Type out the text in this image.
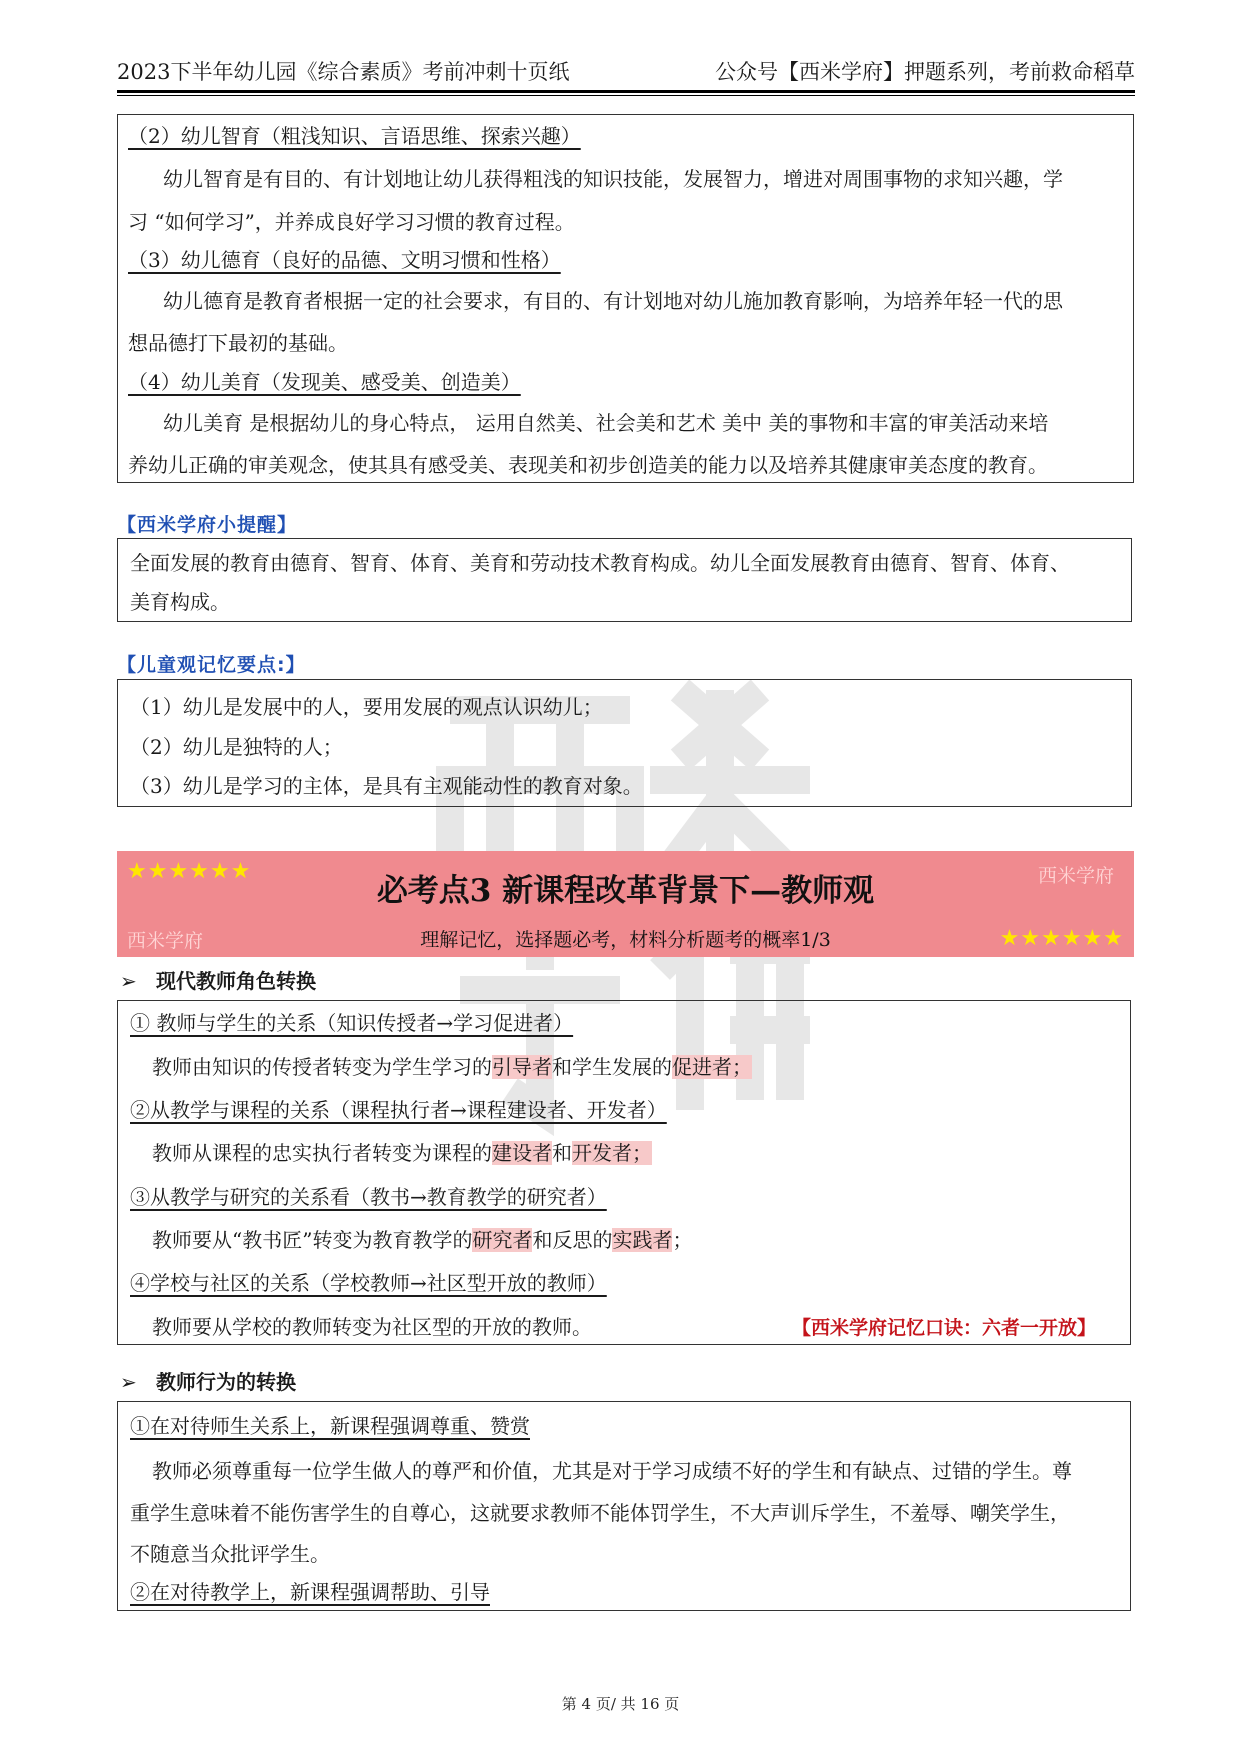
2023下半年幼儿园《综合素质》考前冲刺十页纸	公众号【西米学府】押题系列，考前救命稻草
（2）幼儿智育（粗浅知识、言语思维、探索兴趣）
幼儿智育是有目的、有计划地让幼儿获得粗浅的知识技能，发展智力，增进对周围事物的求知兴趣，学
习 “如何学习”，并养成良好学习习惯的教育过程。
（3）幼儿德育（良好的品德、文明习惯和性格）
幼儿德育是教育者根据一定的社会要求，有目的、有计划地对幼儿施加教育影响，为培养年轻一代的思
想品德打下最初的基础。
（4）幼儿美育（发现美、感受美、创造美）
幼儿美育 是根据幼儿的身心特点， 运用自然美、社会美和艺术 美中 美的事物和丰富的审美活动来培
养幼儿正确的审美观念，使其具有感受美、表现美和初步创造美的能力以及培养其健康审美态度的教育。
【西米学府小提醒】
全面发展的教育由德育、智育、体育、美育和劳动技术教育构成。幼儿全面发展教育由德育、智育、体育、
美育构成。
【儿童观记忆要点:】
（1）幼儿是发展中的人，要用发展的观点认识幼儿；
（2）幼儿是独特的人；
（3）幼儿是学习的主体，是具有主观能动性的教育对象。
★★★★★★	西米学府
必考点3 新课程改革背景下—教师观
西米学府	理解记忆，选择题必考，材料分析题考的概率1/3	★★★★★★
➢ 现代教师角色转换
① 教师与学生的关系（知识传授者→学习促进者）
教师由知识的传授者转变为学生学习的引导者和学生发展的促进者；
②从教学与课程的关系（课程执行者→课程建设者、开发者）
教师从课程的忠实执行者转变为课程的建设者和开发者；
③从教学与研究的关系看（教书→教育教学的研究者）
教师要从“教书匠”转变为教育教学的研究者和反思的实践者；
④学校与社区的关系（学校教师→社区型开放的教师）
教师要从学校的教师转变为社区型的开放的教师。	【西米学府记忆口诀：六者一开放】
➢ 教师行为的转换
①在对待师生关系上，新课程强调尊重、赞赏
教师必须尊重每一位学生做人的尊严和价值，尤其是对于学习成绩不好的学生和有缺点、过错的学生。尊
重学生意味着不能伤害学生的自尊心，这就要求教师不能体罚学生，不大声训斥学生，不羞辱、嘲笑学生，
不随意当众批评学生。
②在对待教学上，新课程强调帮助、引导
第 4 页/ 共 16 页
